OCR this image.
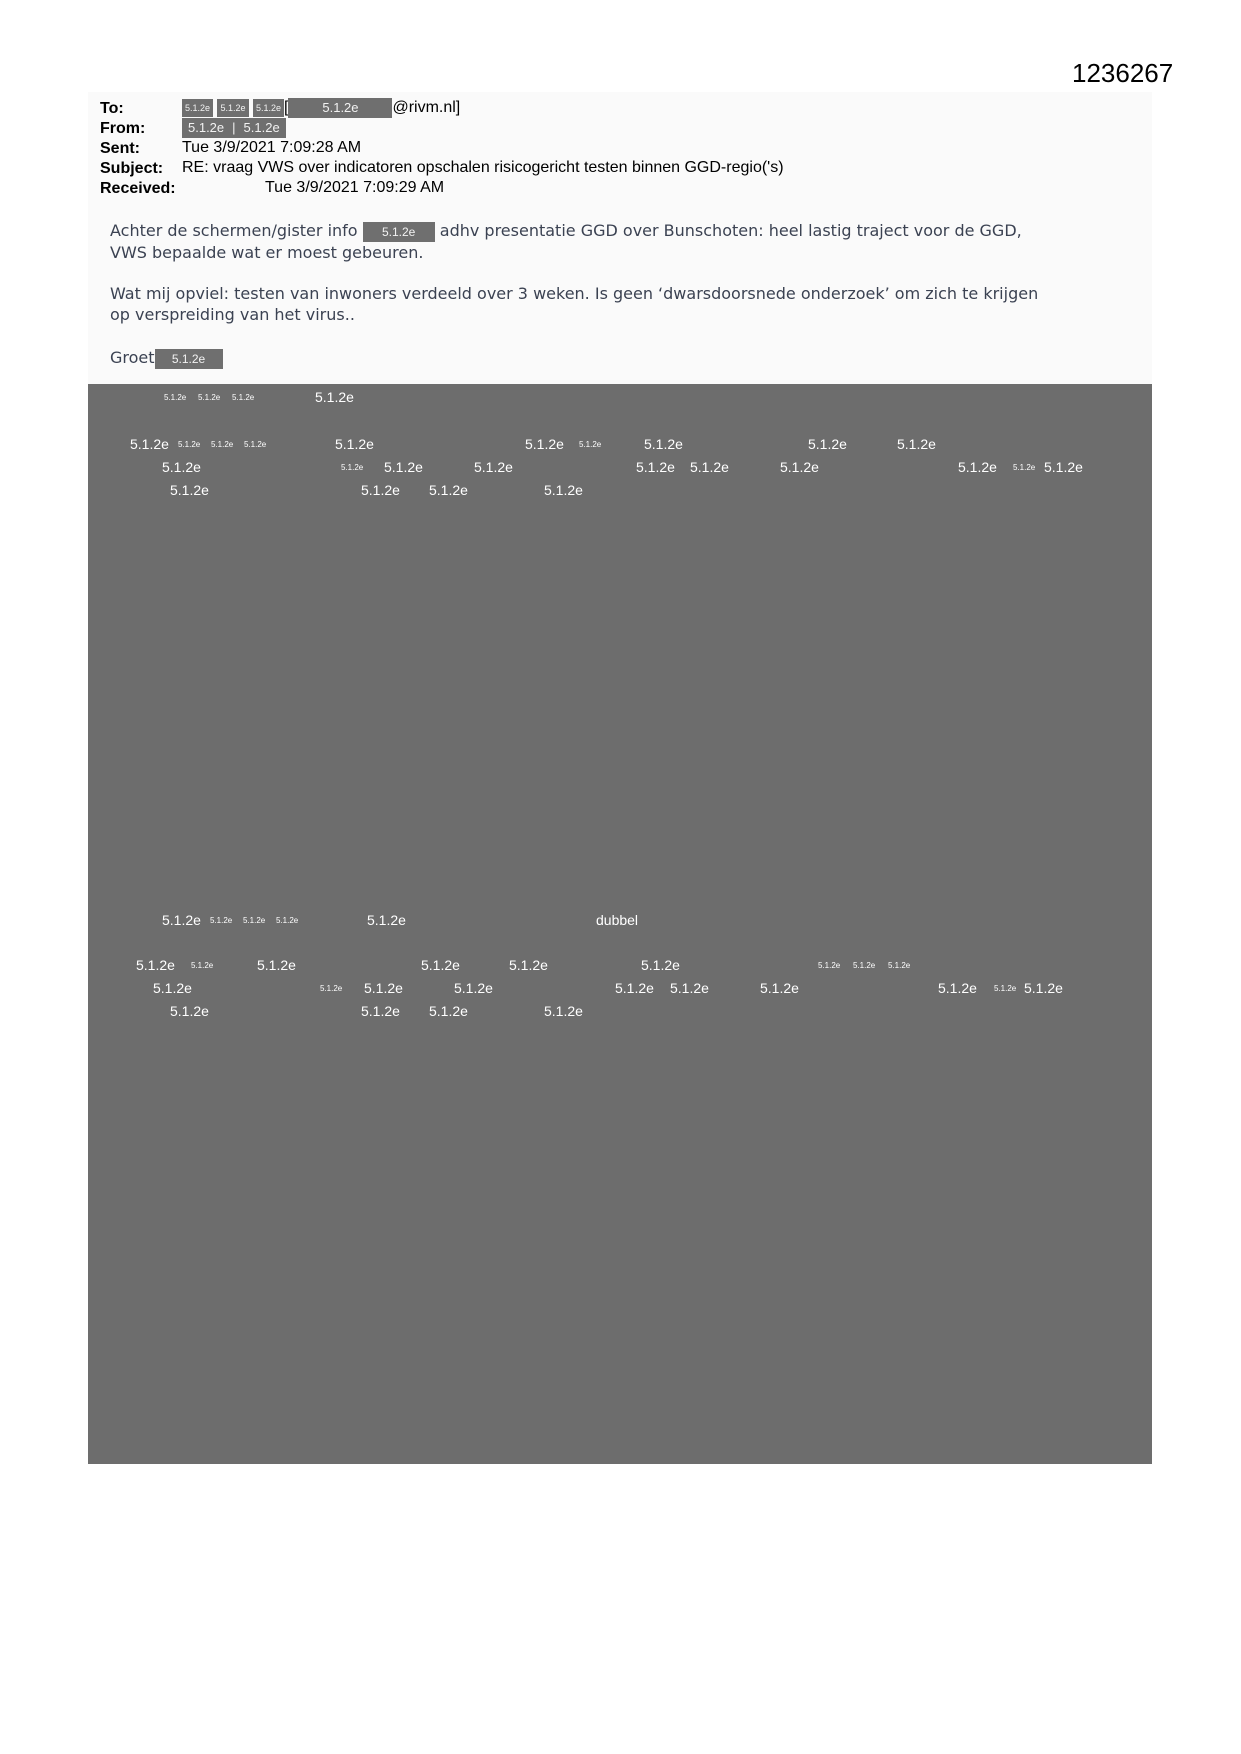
1236267
To:	5.1.2e 5.1.2e 5.1.2e [	5.1.2e @rivm.nl]
From:	5.1.2e | 5.1.2e
Sent:	Tue 3/9/2021 7:09:28 AM
Subject: RE: vraag VWS over indicatoren opschalen risicogericht testen binnen GGD-regio('s)
Received:	Tue 3/9/2021 7:09:29 AM
Achter de schermen/gister info 5.1.2e adhv presentatie GGD over Bunschoten: heel lastig traject voor de GGD,
VWS bepaalde wat er moest gebeuren.
Wat mij opviel: testen van inwoners verdeeld over 3 weken. Is geen ‘dwarsdoorsnede onderzoek’ om zich te krijgen
op verspreiding van het virus..
Groet 5.1.2e
5.1.2e 5.1.2e 5.1.2e	5.1.2e
5.1.2e 5.1.2e 5.1.2e 5.1.2e	5.1.2e	5.1.2e 5.1.2e	5.1.2e	5.1.2e	5.1.2e
5.1.2e	5.1.2e 5.1.2e	5.1.2e	5.1.2e 5.1.2e	5.1.2e	5.1.2e 5.1.2e 5.1.2e
5.1.2e	5.1.2e 5.1.2e	5.1.2e
5.1.2e 5.1.2e 5.1.2e 5.1.2e	5.1.2e	dubbel
5.1.2e 5.1.2e	5.1.2e	5.1.2e	5.1.2e	5.1.2e	5.1.2e 5.1.2e 5.1.2e
5.1.2e	5.1.2e 5.1.2e	5.1.2e	5.1.2e 5.1.2e	5.1.2e	5.1.2e 5.1.2e 5.1.2e
5.1.2e	5.1.2e 5.1.2e	5.1.2e
